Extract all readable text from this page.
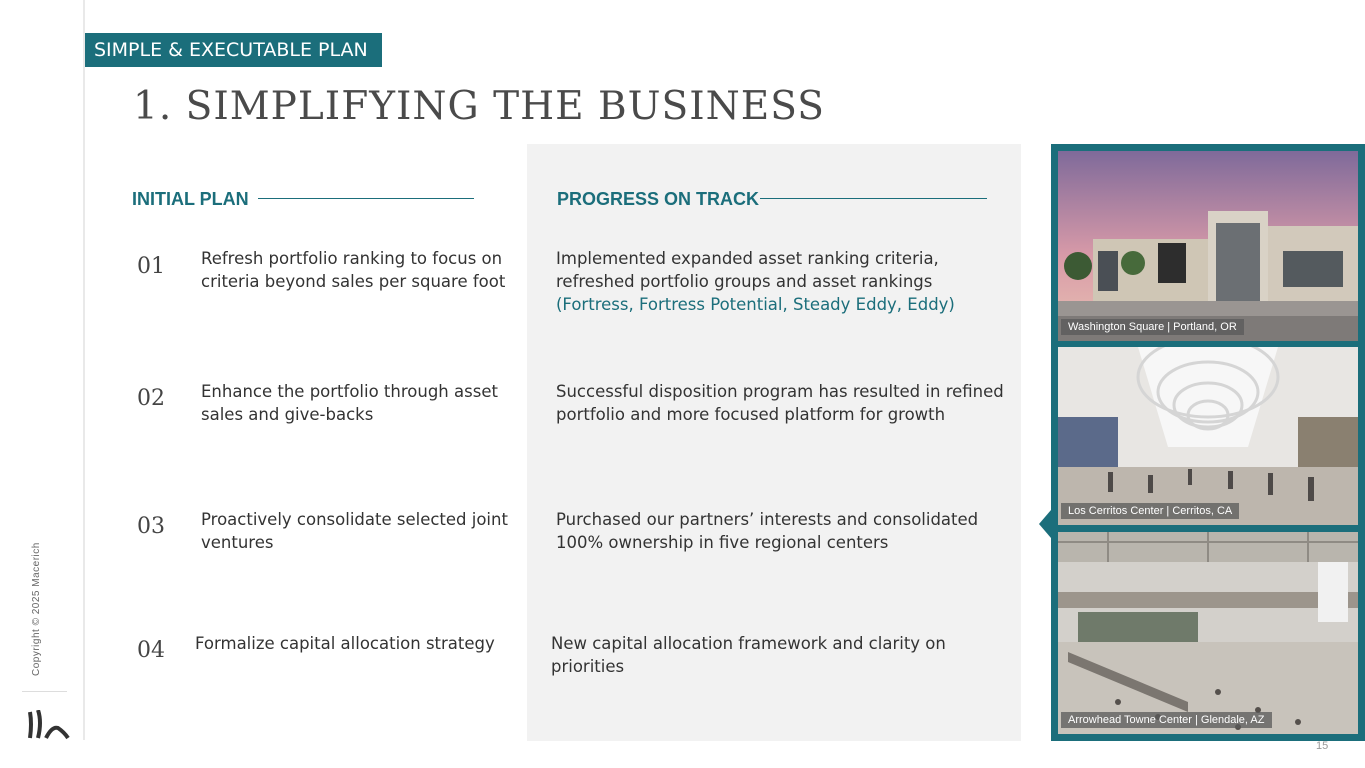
SIMPLE & EXECUTABLE PLAN
1. SIMPLIFYING THE BUSINESS
Copyright © 2025 Macerich
INITIAL PLAN	PROGRESS ON TRACK
01 Refresh portfolio ranking to focus on
criteria beyond sales per square foot
Implemented expanded asset ranking criteria,
refreshed portfolio groups and asset rankings
(Fortress, Fortress Potential, Steady Eddy, Eddy)
02 Enhance the portfolio through asset
sales and give-backs
Successful disposition program has resulted in refined
portfolio and more focused platform for growth
03 Proactively consolidate selected joint
ventures
Purchased our partners’ interests and consolidated
100% ownership in five regional centers
04 Formalize capital allocation strategy	New capital allocation framework and clarity on
priorities
Washington Square | Portland, OR
Los Cerritos Center | Cerritos, CA
Arrowhead Towne Center | Glendale, AZ
15
